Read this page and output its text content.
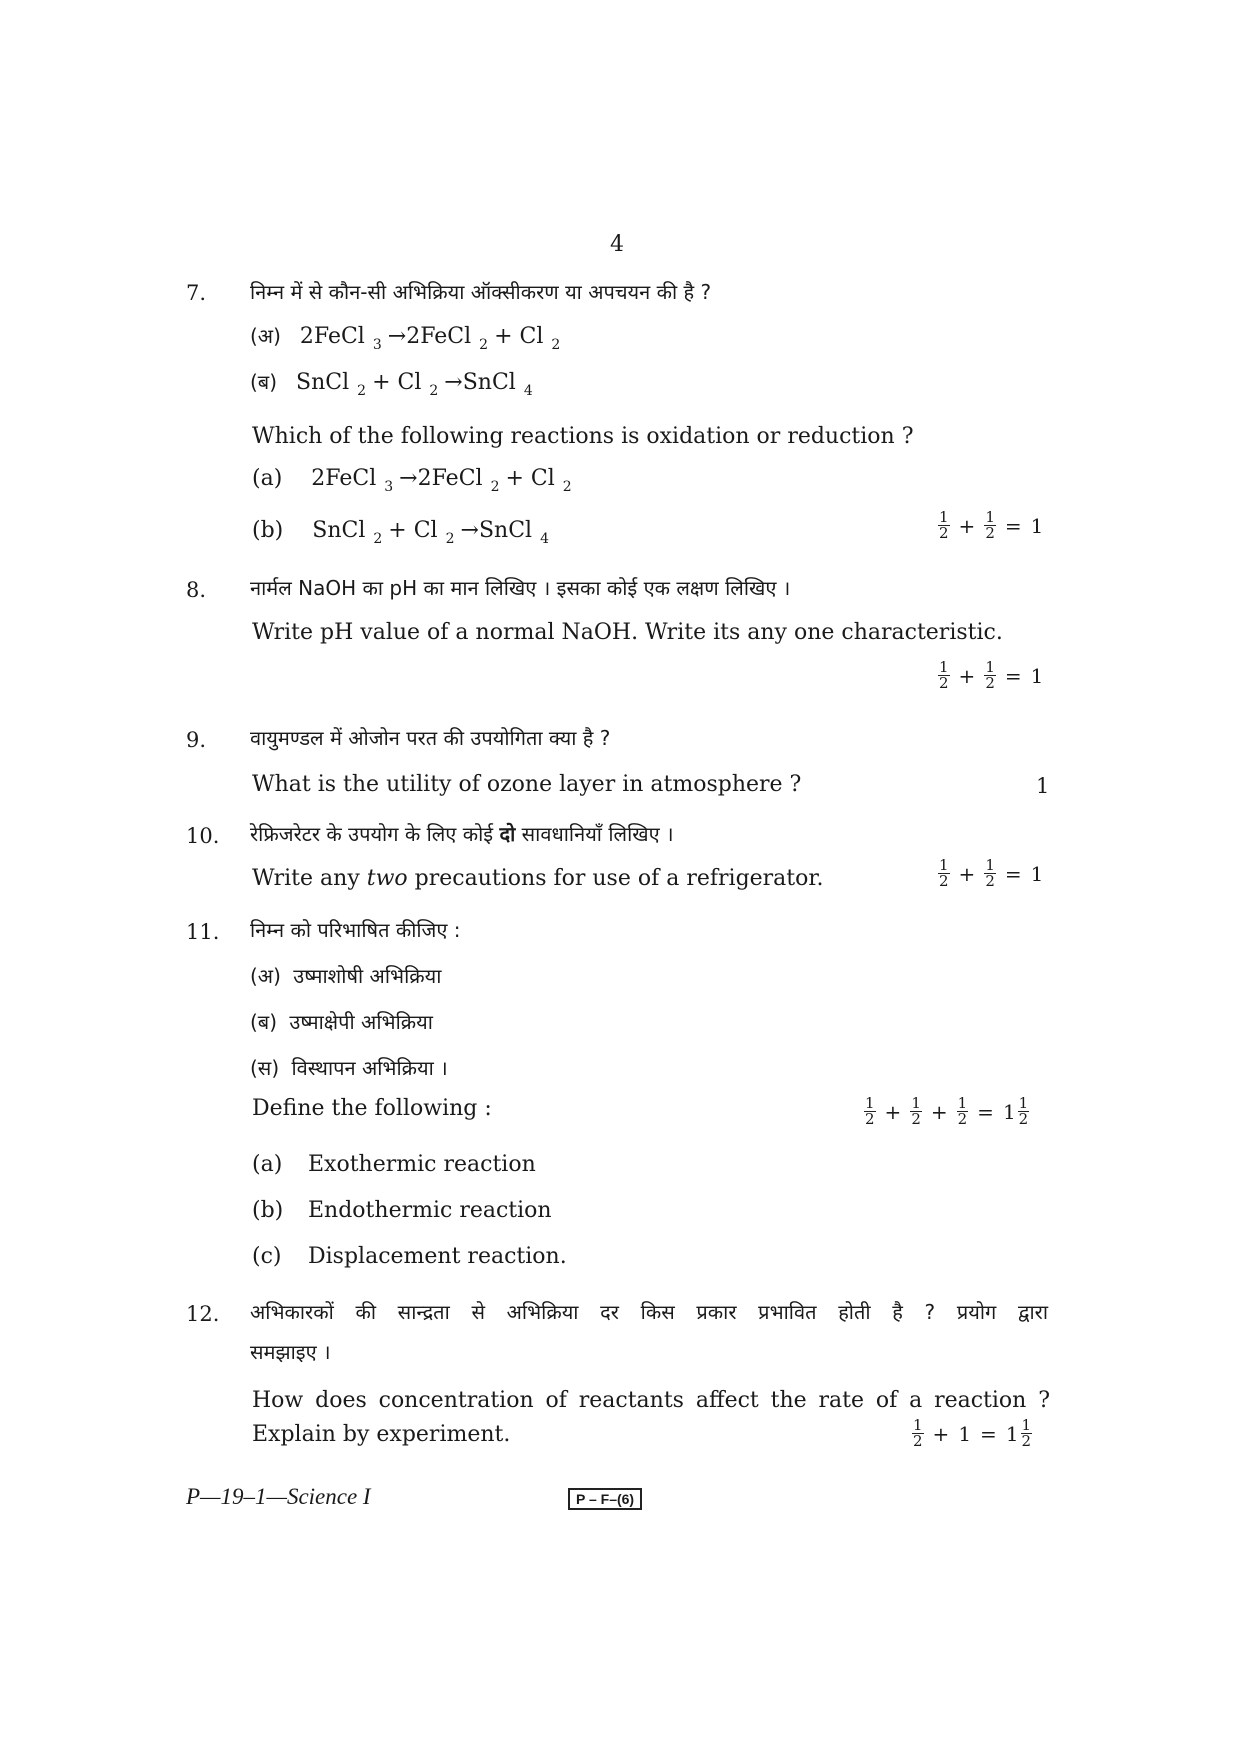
4
7. निम्न में से कौन-सी अभिक्रिया ऑक्सीकरण या अपचयन की है ?
(अ) 2FeCl $_3$ →2FeCl $_2$ + Cl $_2$
(ब) SnCl $_2$ + Cl $_2$ →SnCl $_4$
Which of the following reactions is oxidation or reduction ?
(a) 2FeCl $_3$ →2FeCl $_2$ + Cl $_2$
(b) SnCl $_2$ + Cl $_2$ →SnCl $_4$	$\frac{1}{2} + \frac{1}{2} = 1$
8. नार्मल NaOH का pH का मान लिखिए । इसका कोई एक लक्षण लिखिए ।
Write pH value of a normal NaOH. Write its any one characteristic.
$\frac{1}{2} + \frac{1}{2} = 1$
9. वायुमण्डल में ओजोन परत की उपयोगिता क्या है ?
What is the utility of ozone layer in atmosphere ?	1
10. रेफ्रिजरेटर के उपयोग के लिए कोई दो सावधानियाँ लिखिए ।
Write any two precautions for use of a refrigerator.	$\frac{1}{2} + \frac{1}{2} = 1$
11. निम्न को परिभाषित कीजिए :
(अ) उष्माशोषी अभिक्रिया
(ब) उष्माक्षेपी अभिक्रिया
(स) विस्थापन अभिक्रिया ।
Define the following :	$\frac{1}{2} + \frac{1}{2} + \frac{1}{2} = 1 \frac{1}{2}$
(a) Exothermic reaction
(b) Endothermic reaction
(c) Displacement reaction.
12. अभिकारकों की सान्द्रता से अभिक्रिया दर किस प्रकार प्रभावित होती है ? प्रयोग द्वारा
समझाइए ।
How does concentration of reactants affect the rate of a reaction ?
Explain by experiment.	$\frac{1}{2} + 1 = 1 \frac{1}{2}$
P—19–1—Science I	P – F–(6)
